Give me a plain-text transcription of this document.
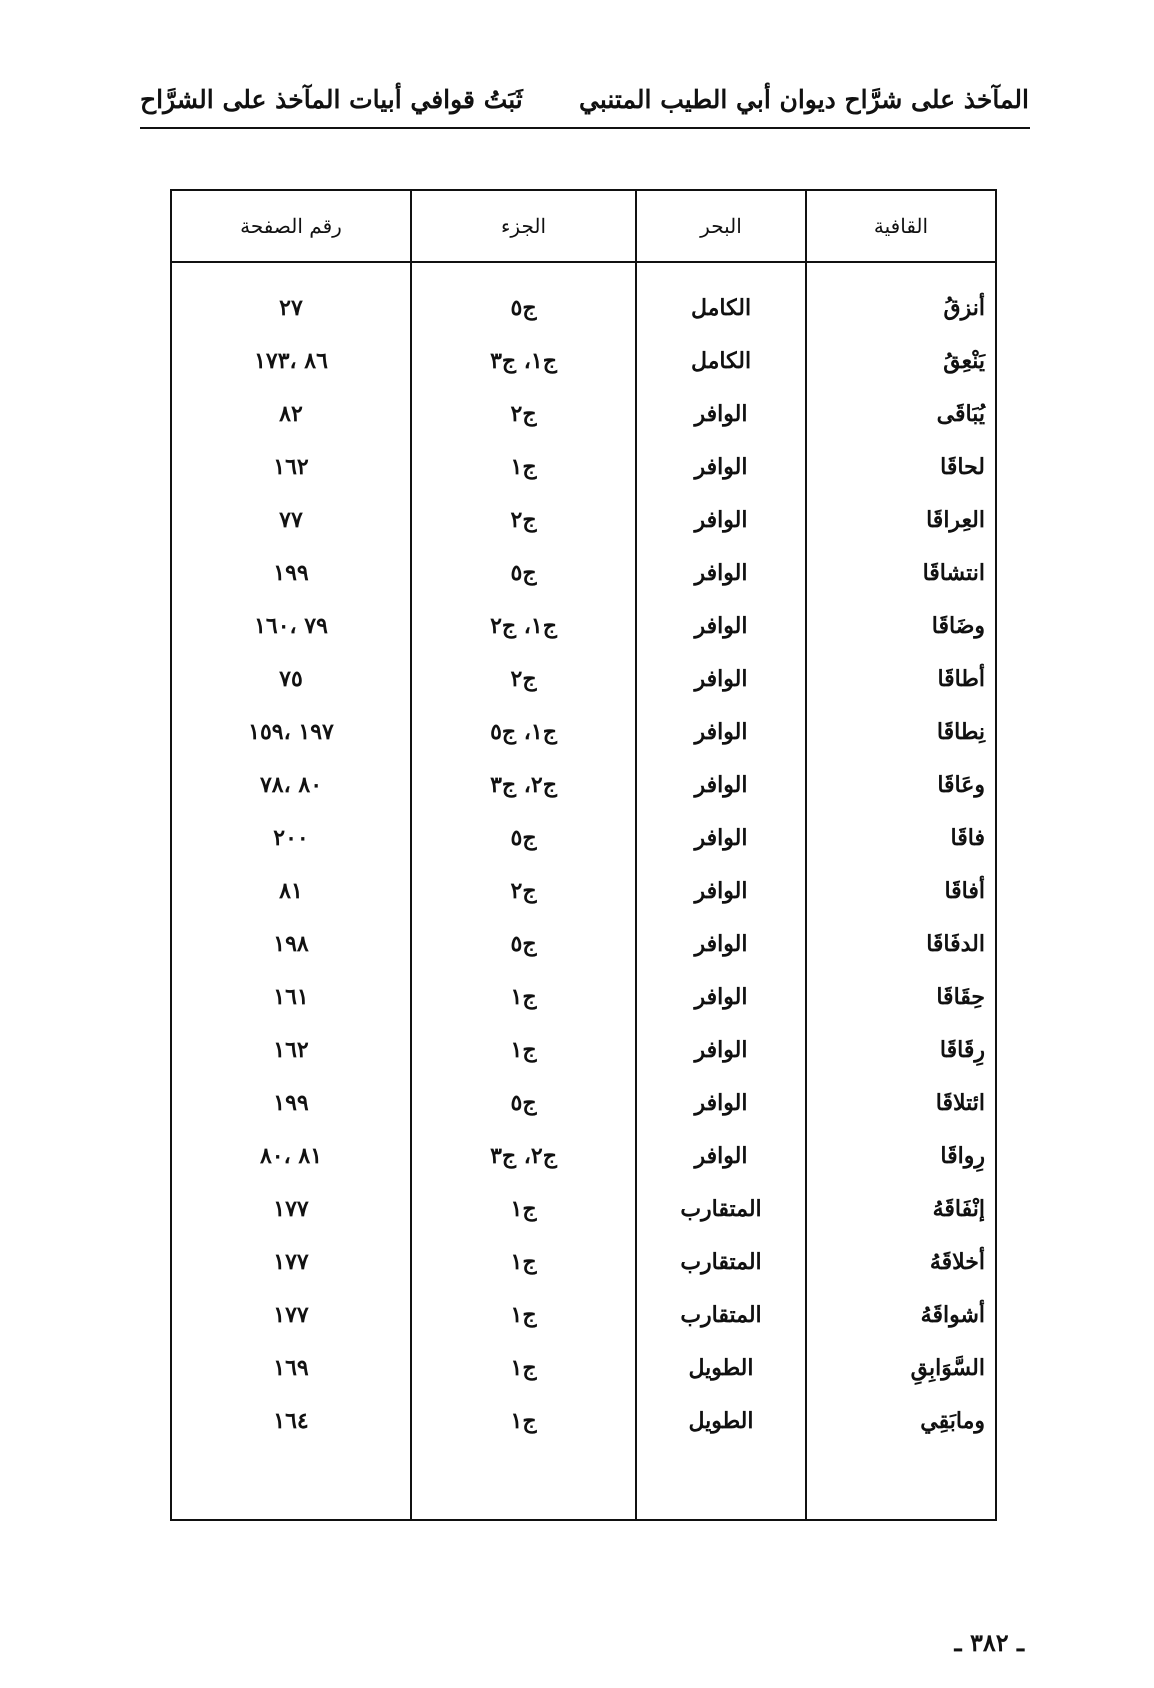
المآخذ على شرَّاح ديوان أبي الطيب المتنبي
ثَبَتُ قوافي أبيات المآخذ على الشرَّاح
القافية	البحر	الجزء	رقم الصفحة

أنزقُ	الكامل	ج٥	٢٧
يَنْعِقُ	الكامل	ج١، ج٣	٨٦ ،١٧٣
يُبَاقَى	الوافر	ج٢	٨٢
لحاقَا	الوافر	ج١	١٦٢
العِراقَا	الوافر	ج٢	٧٧
انتشاقَا	الوافر	ج٥	١٩٩
وضَاقَا	الوافر	ج١، ج٢	٧٩ ،١٦٠
أطاقَا	الوافر	ج٢	٧٥
نِطاقَا	الوافر	ج١، ج٥	١٩٧ ،١٥٩
وعَاقَا	الوافر	ج٢، ج٣	٨٠ ،٧٨
فاقَا	الوافر	ج٥	٢٠٠
أفاقَا	الوافر	ج٢	٨١
الدفَاقَا	الوافر	ج٥	١٩٨
حِقَاقَا	الوافر	ج١	١٦١
رِقَاقَا	الوافر	ج١	١٦٢
ائتلاقَا	الوافر	ج٥	١٩٩
رِواقَا	الوافر	ج٢، ج٣	٨١ ،٨٠
إنْفَاقَهُ	المتقارب	ج١	١٧٧
أخلاقَهُ	المتقارب	ج١	١٧٧
أشواقَهُ	المتقارب	ج١	١٧٧
السَّوَابِقِ	الطويل	ج١	١٦٩
ومابَقِي	الطويل	ج١	١٦٤

ـ ٣٨٢ ـ
